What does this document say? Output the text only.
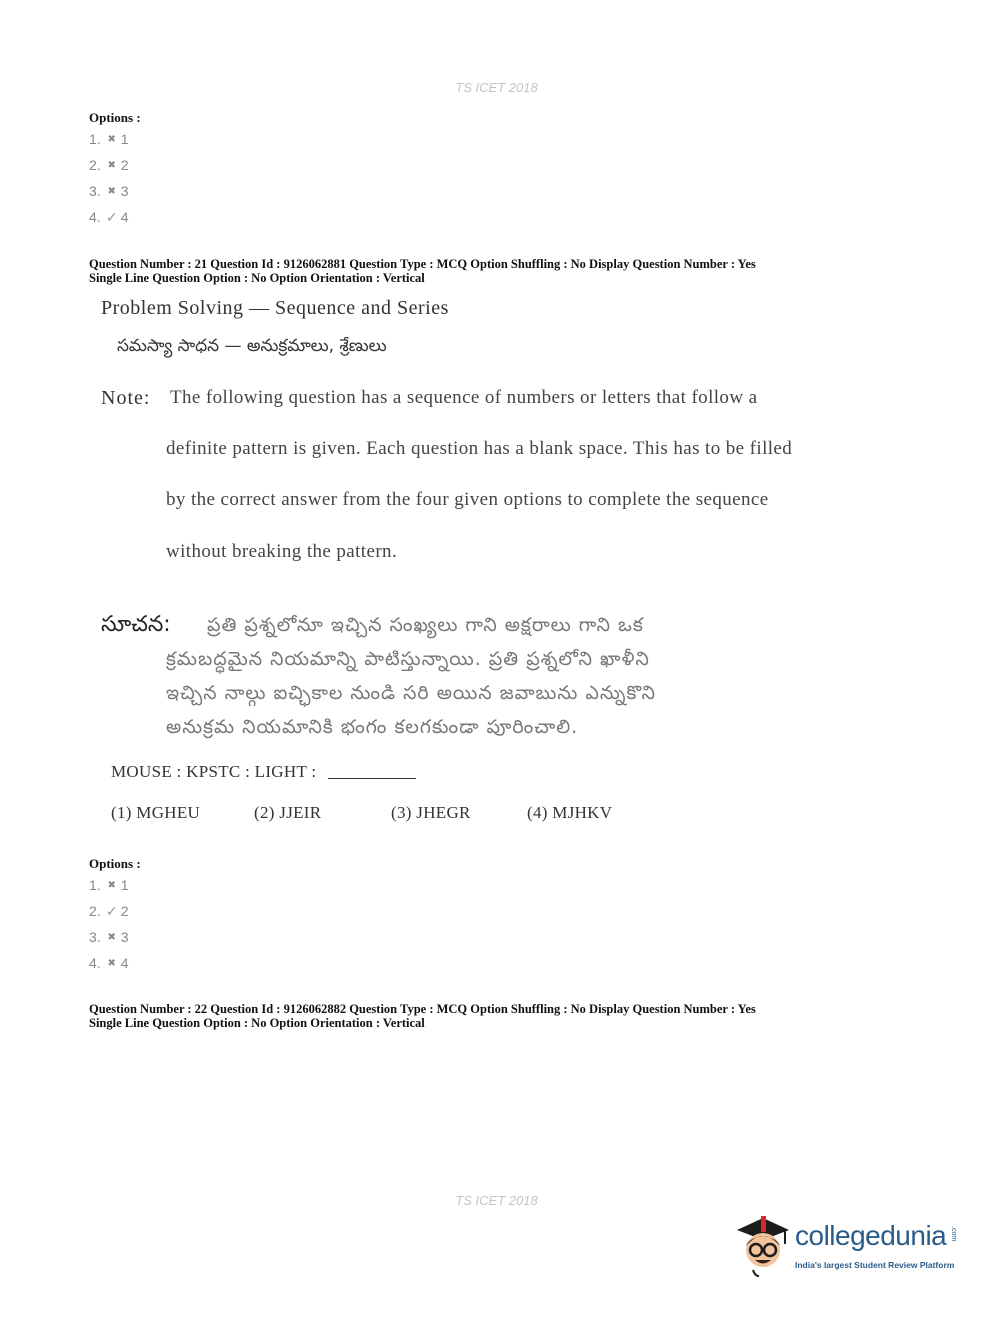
TS ICET 2018
Options :
1. ✖ 1
2. ✖ 2
3. ✖ 3
4. ✓ 4
Question Number : 21 Question Id : 9126062881 Question Type : MCQ Option Shuffling : No Display Question Number : Yes
Single Line Question Option : No Option Orientation : Vertical
Problem Solving — Sequence and Series
సమస్యా సాధన — అనుక్రమాలు, శ్రేణులు
Note: The following question has a sequence of numbers or letters that follow a
definite pattern is given. Each question has a blank space. This has to be filled
by the correct answer from the four given options to complete the sequence
without breaking the pattern.
సూచన: ప్రతి ప్రశ్నలోనూ ఇచ్చిన సంఖ్యలు గాని అక్షరాలు గాని ఒక
క్రమబద్ధమైన నియమాన్ని పాటిస్తున్నాయి. ప్రతి ప్రశ్నలోని ఖాళీని
ఇచ్చిన నాల్గు ఐచ్ఛికాల నుండి సరి అయిన జవాబును ఎన్నుకొని
అనుక్రమ నియమానికి భంగం కలగకుండా పూరించాలి.
MOUSE : KPSTC : LIGHT :
(1) MGHEU	(2) JJEIR	(3) JHEGR	(4) MJHKV
Options :
1. ✖ 1
2. ✓ 2
3. ✖ 3
4. ✖ 4
Question Number : 22 Question Id : 9126062882 Question Type : MCQ Option Shuffling : No Display Question Number : Yes
Single Line Question Option : No Option Orientation : Vertical
TS ICET 2018
collegedunia .com
India's largest Student Review Platform
